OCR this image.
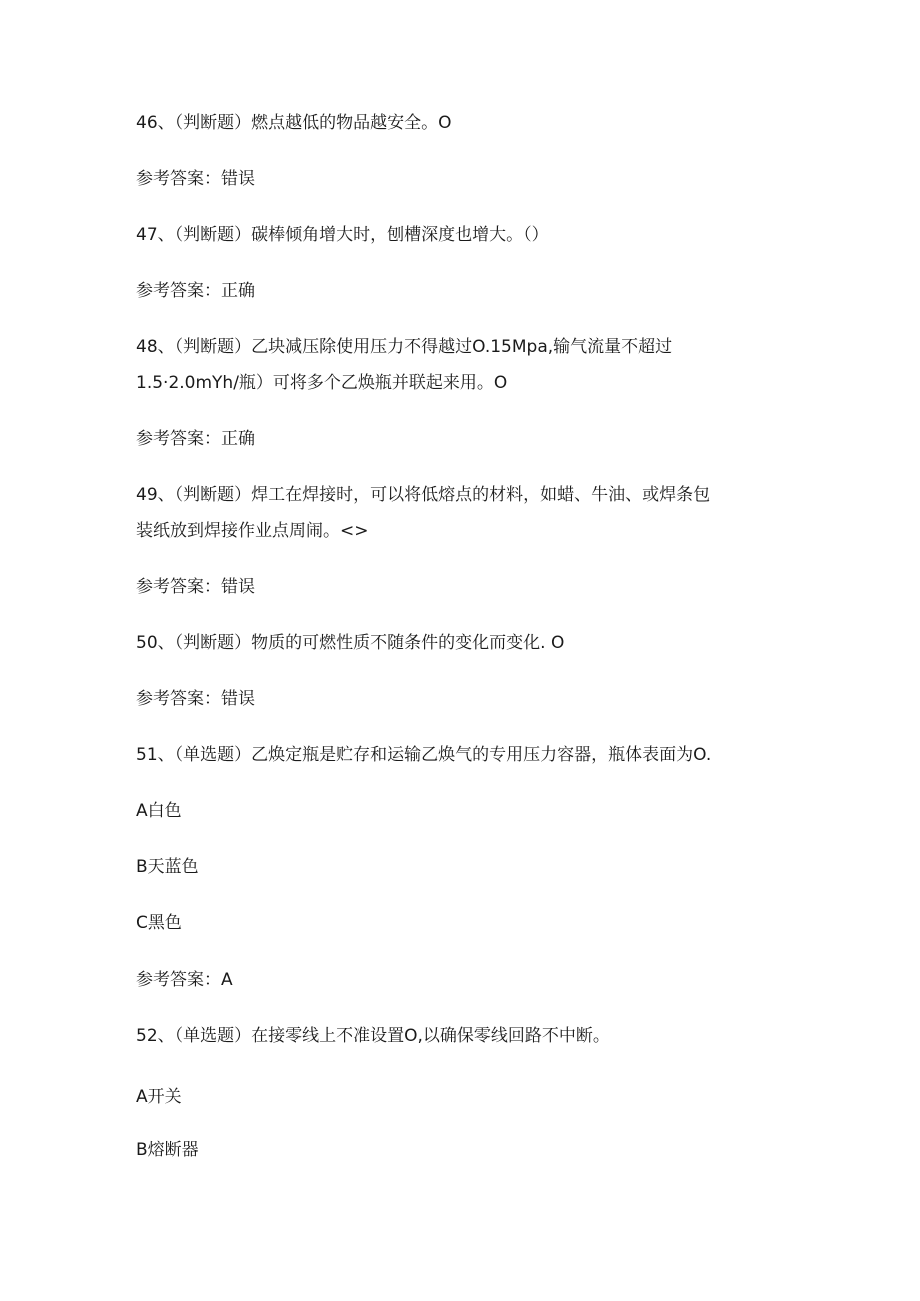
46、（判断题）燃点越低的物品越安全。O
参考答案：错误
47、（判断题）碳棒倾角增大时，刨槽深度也增大。（）
参考答案：正确
48、（判断题）乙块减压除使用压力不得越过O.15Mpa,输气流量不超过
1.5·2.0mYh/瓶）可将多个乙焕瓶并联起来用。O
参考答案：正确
49、（判断题）焊工在焊接时，可以将低熔点的材料，如蜡、牛油、或焊条包
装纸放到焊接作业点周闹。<>
参考答案：错误
50、（判断题）物质的可燃性质不随条件的变化而变化. O
参考答案：错误
51、（单选题）乙焕定瓶是贮存和运输乙焕气的专用压力容器，瓶体表面为O.
A白色
B天蓝色
C黑色
参考答案：A
52、（单选题）在接零线上不准设置O,以确保零线回路不中断。
A开关
B熔断器
